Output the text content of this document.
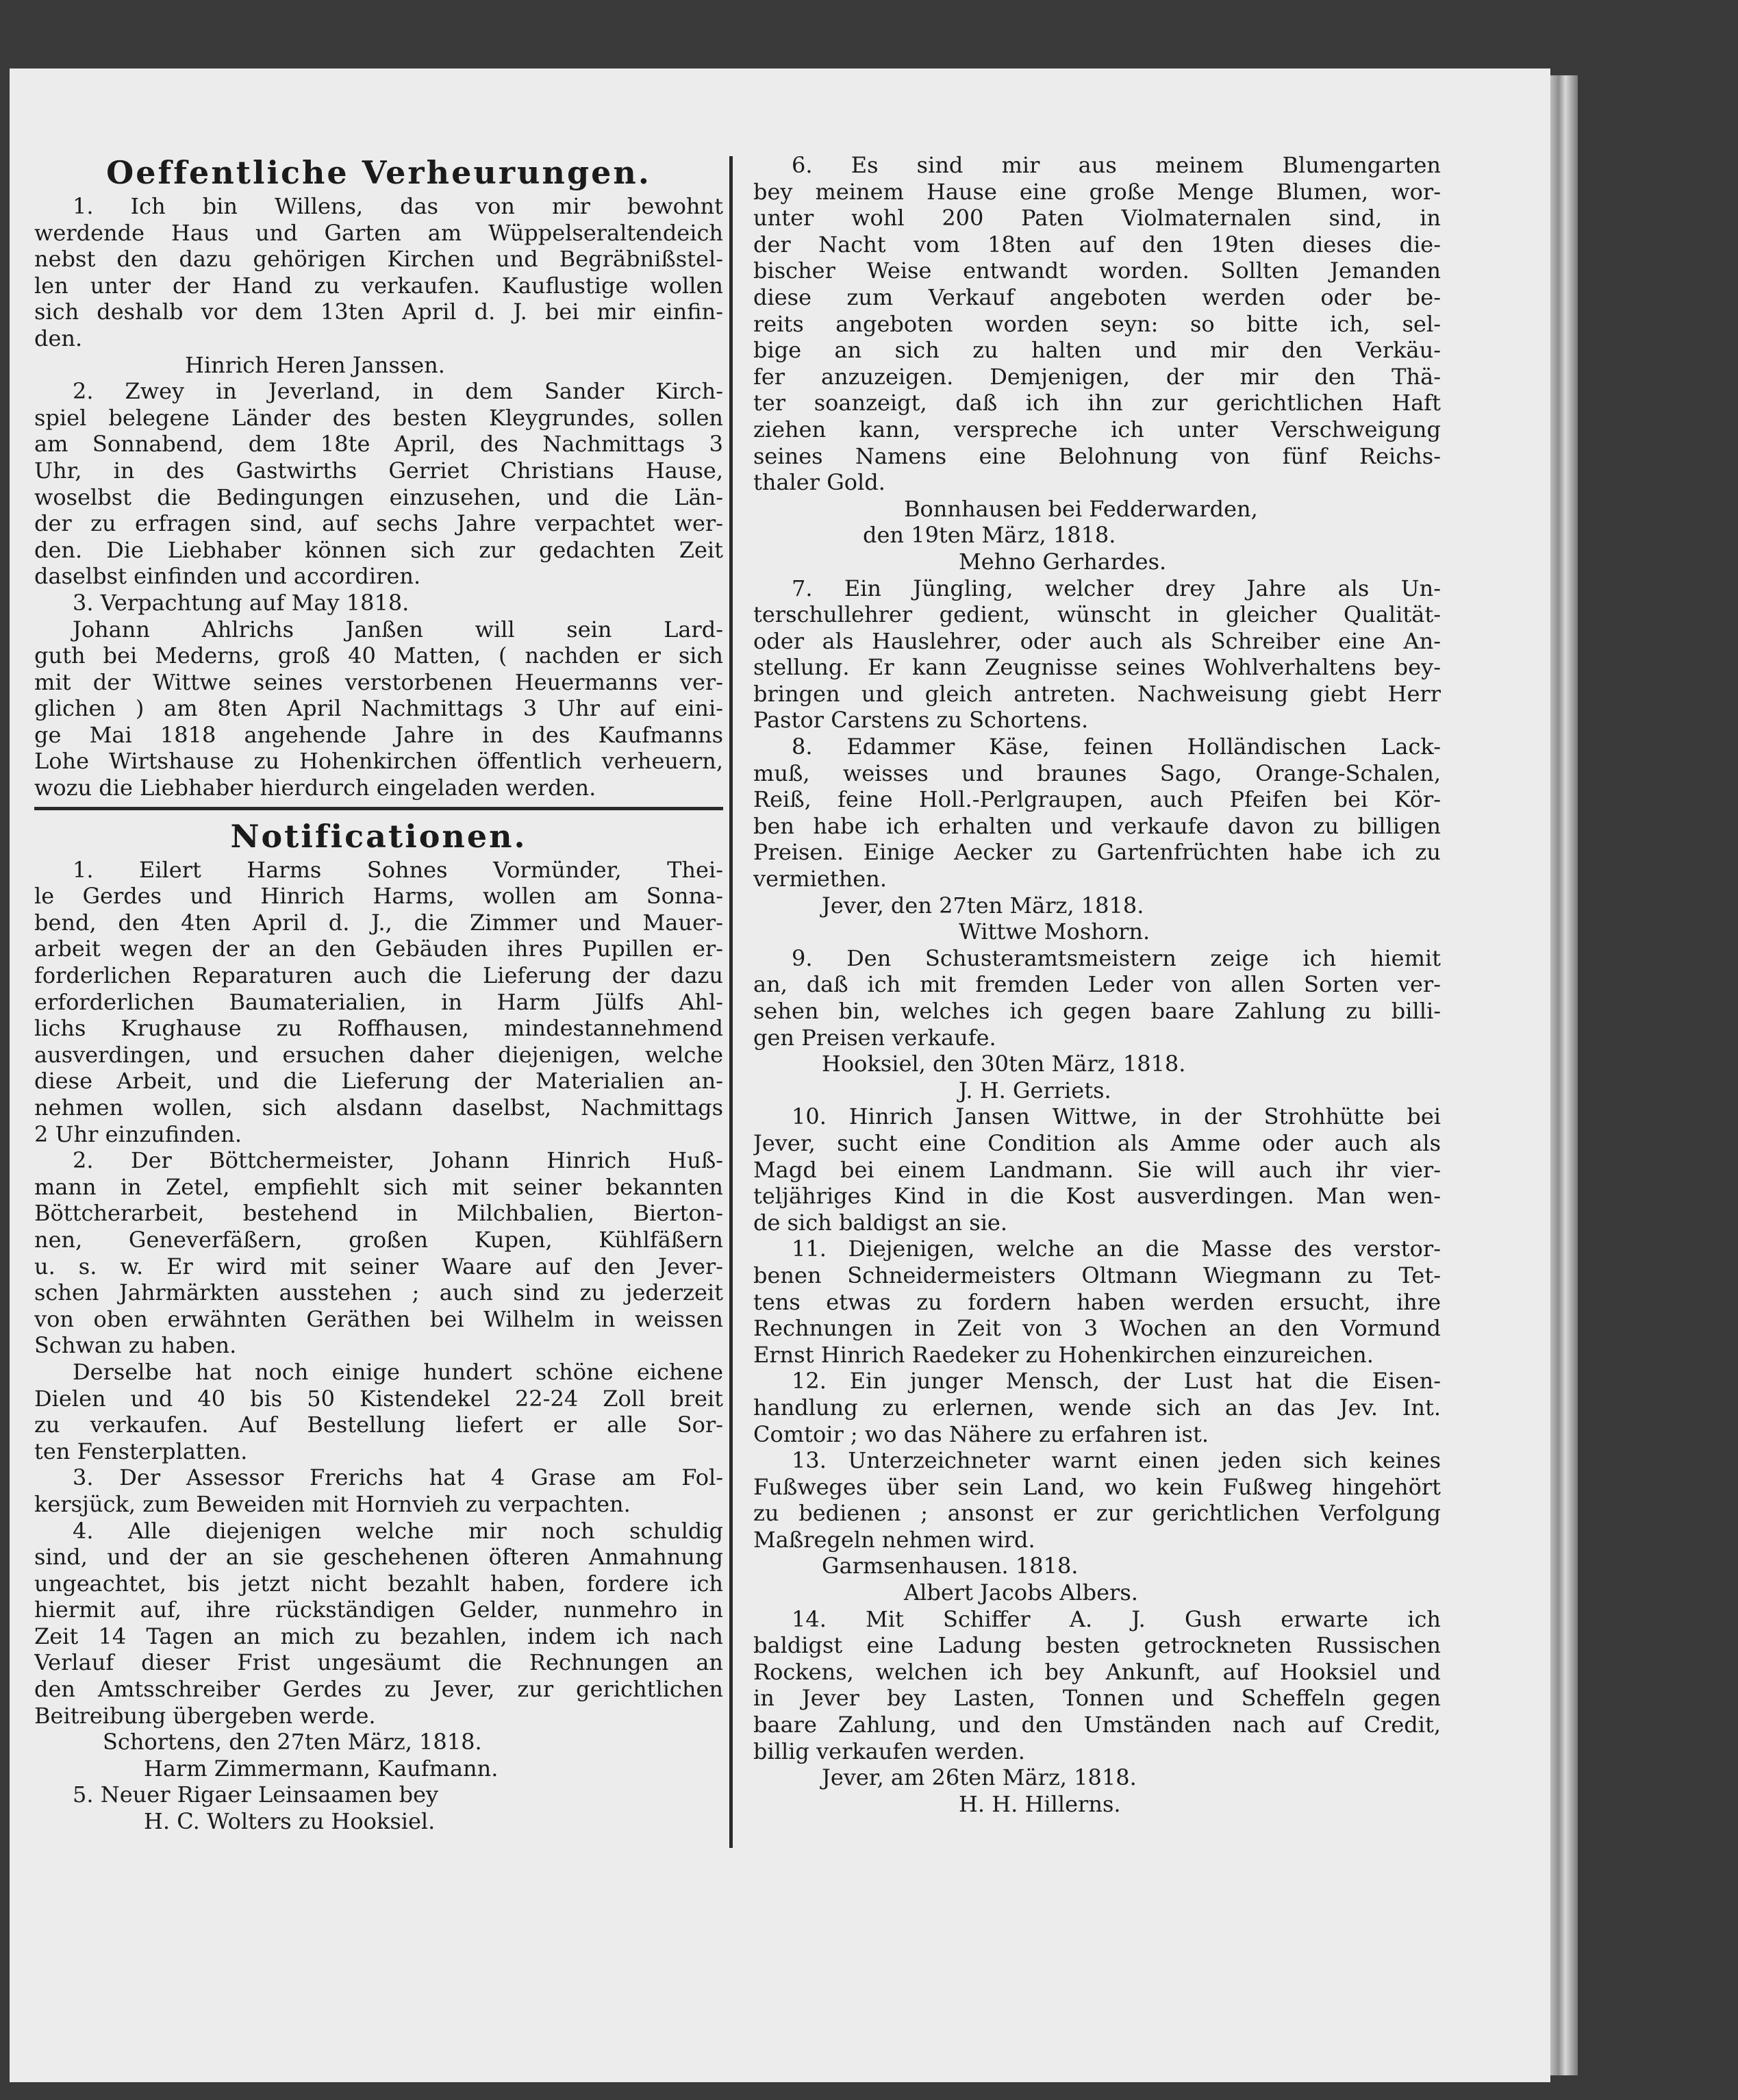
Oeffentliche Verheurungen.
1. Ich bin Willens, das von mir bewohnt
werdende Haus und Garten am Wüppelseraltendeich
nebst den dazu gehörigen Kirchen und Begräbnißstel-
len unter der Hand zu verkaufen. Kauflustige wollen
sich deshalb vor dem 13ten April d. J. bei mir einfin-
den.
Hinrich Heren Janssen.
2. Zwey in Jeverland, in dem Sander Kirch-
spiel belegene Länder des besten Kleygrundes, sollen
am Sonnabend, dem 18te April, des Nachmittags 3
Uhr, in des Gastwirths Gerriet Christians Hause,
woselbst die Bedingungen einzusehen, und die Län-
der zu erfragen sind, auf sechs Jahre verpachtet wer-
den. Die Liebhaber können sich zur gedachten Zeit
daselbst einfinden und accordiren.
3. Verpachtung auf May 1818.
Johann Ahlrichs Janßen will sein Lard-
guth bei Mederns, groß 40 Matten, ( nachden er sich
mit der Wittwe seines verstorbenen Heuermanns ver-
glichen ) am 8ten April Nachmittags 3 Uhr auf eini-
ge Mai 1818 angehende Jahre in des Kaufmanns
Lohe Wirtshause zu Hohenkirchen öffentlich verheuern,
wozu die Liebhaber hierdurch eingeladen werden.
Notificationen.
1. Eilert Harms Sohnes Vormünder, Thei-
le Gerdes und Hinrich Harms, wollen am Sonna-
bend, den 4ten April d. J., die Zimmer und Mauer-
arbeit wegen der an den Gebäuden ihres Pupillen er-
forderlichen Reparaturen auch die Lieferung der dazu
erforderlichen Baumaterialien, in Harm Jülfs Ahl-
lichs Krughause zu Roffhausen, mindestannehmend
ausverdingen, und ersuchen daher diejenigen, welche
diese Arbeit, und die Lieferung der Materialien an-
nehmen wollen, sich alsdann daselbst, Nachmittags
2 Uhr einzufinden.
2. Der Böttchermeister, Johann Hinrich Huß-
mann in Zetel, empfiehlt sich mit seiner bekannten
Böttcherarbeit, bestehend in Milchbalien, Bierton-
nen, Geneverfäßern, großen Kupen, Kühlfäßern
u. s. w. Er wird mit seiner Waare auf den Jever-
schen Jahrmärkten ausstehen ; auch sind zu jederzeit
von oben erwähnten Geräthen bei Wilhelm in weissen
Schwan zu haben.
Derselbe hat noch einige hundert schöne eichene
Dielen und 40 bis 50 Kistendekel 22-24 Zoll breit
zu verkaufen. Auf Bestellung liefert er alle Sor-
ten Fensterplatten.
3. Der Assessor Frerichs hat 4 Grase am Fol-
kersjück, zum Beweiden mit Hornvieh zu verpachten.
4. Alle diejenigen welche mir noch schuldig
sind, und der an sie geschehenen öfteren Anmahnung
ungeachtet, bis jetzt nicht bezahlt haben, fordere ich
hiermit auf, ihre rückständigen Gelder, nunmehro in
Zeit 14 Tagen an mich zu bezahlen, indem ich nach
Verlauf dieser Frist ungesäumt die Rechnungen an
den Amtsschreiber Gerdes zu Jever, zur gerichtlichen
Beitreibung übergeben werde.
Schortens, den 27ten März, 1818.
Harm Zimmermann, Kaufmann.
5. Neuer Rigaer Leinsaamen bey
H. C. Wolters zu Hooksiel.
6. Es sind mir aus meinem Blumengarten
bey meinem Hause eine große Menge Blumen, wor-
unter wohl 200 Paten Violmaternalen sind, in
der Nacht vom 18ten auf den 19ten dieses die-
bischer Weise entwandt worden. Sollten Jemanden
diese zum Verkauf angeboten werden oder be-
reits angeboten worden seyn: so bitte ich, sel-
bige an sich zu halten und mir den Verkäu-
fer anzuzeigen. Demjenigen, der mir den Thä-
ter soanzeigt, daß ich ihn zur gerichtlichen Haft
ziehen kann, verspreche ich unter Verschweigung
seines Namens eine Belohnung von fünf Reichs-
thaler Gold.
Bonnhausen bei Fedderwarden,
den 19ten März, 1818.
Mehno Gerhardes.
7. Ein Jüngling, welcher drey Jahre als Un-
terschullehrer gedient, wünscht in gleicher Qualität-
oder als Hauslehrer, oder auch als Schreiber eine An-
stellung. Er kann Zeugnisse seines Wohlverhaltens bey-
bringen und gleich antreten. Nachweisung giebt Herr
Pastor Carstens zu Schortens.
8. Edammer Käse, feinen Holländischen Lack-
muß, weisses und braunes Sago, Orange-Schalen,
Reiß, feine Holl.-Perlgraupen, auch Pfeifen bei Kör-
ben habe ich erhalten und verkaufe davon zu billigen
Preisen. Einige Aecker zu Gartenfrüchten habe ich zu
vermiethen.
Jever, den 27ten März, 1818.
Wittwe Moshorn.
9. Den Schusteramtsmeistern zeige ich hiemit
an, daß ich mit fremden Leder von allen Sorten ver-
sehen bin, welches ich gegen baare Zahlung zu billi-
gen Preisen verkaufe.
Hooksiel, den 30ten März, 1818.
J. H. Gerriets.
10. Hinrich Jansen Wittwe, in der Strohhütte bei
Jever, sucht eine Condition als Amme oder auch als
Magd bei einem Landmann. Sie will auch ihr vier-
teljähriges Kind in die Kost ausverdingen. Man wen-
de sich baldigst an sie.
11. Diejenigen, welche an die Masse des verstor-
benen Schneidermeisters Oltmann Wiegmann zu Tet-
tens etwas zu fordern haben werden ersucht, ihre
Rechnungen in Zeit von 3 Wochen an den Vormund
Ernst Hinrich Raedeker zu Hohenkirchen einzureichen.
12. Ein junger Mensch, der Lust hat die Eisen-
handlung zu erlernen, wende sich an das Jev. Int.
Comtoir ; wo das Nähere zu erfahren ist.
13. Unterzeichneter warnt einen jeden sich keines
Fußweges über sein Land, wo kein Fußweg hingehört
zu bedienen ; ansonst er zur gerichtlichen Verfolgung
Maßregeln nehmen wird.
Garmsenhausen. 1818.
Albert Jacobs Albers.
14. Mit Schiffer A. J. Gush erwarte ich
baldigst eine Ladung besten getrockneten Russischen
Rockens, welchen ich bey Ankunft, auf Hooksiel und
in Jever bey Lasten, Tonnen und Scheffeln gegen
baare Zahlung, und den Umständen nach auf Credit,
billig verkaufen werden.
Jever, am 26ten März, 1818.
H. H. Hillerns.
